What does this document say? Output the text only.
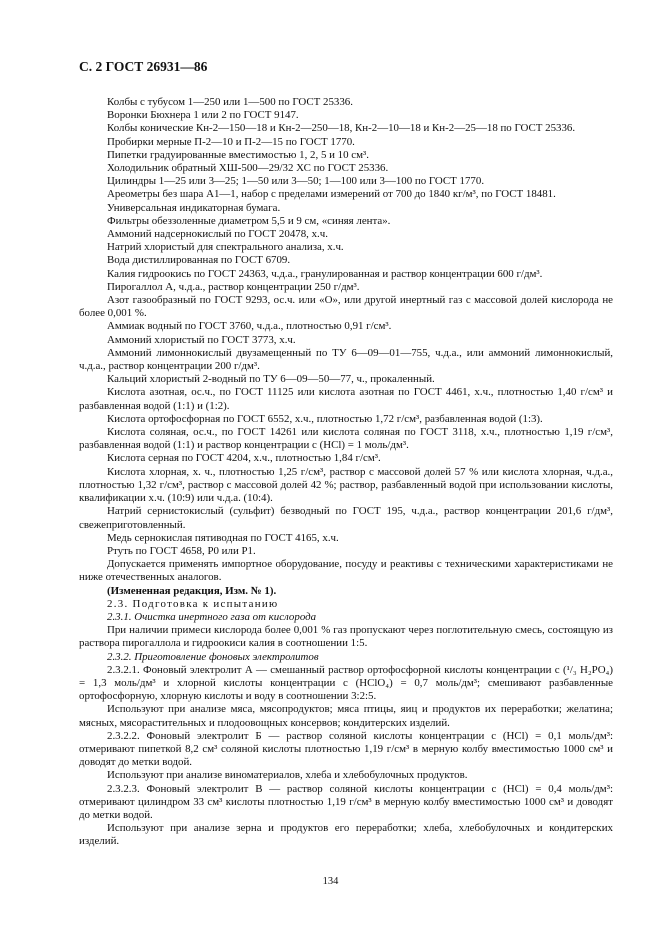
С. 2 ГОСТ 26931—86

Колбы с тубусом 1—250 или 1—500 по ГОСТ 25336.

Воронки Бюхнера 1 или 2 по ГОСТ 9147.

Колбы конические Кн-2—150—18 и Кн-2—250—18, Кн-2—10—18 и Кн-2—25—18 по ГОСТ 25336.

Пробирки мерные П-2—10 и П-2—15 по ГОСТ 1770.

Пипетки градуированные вместимостью 1, 2, 5 и 10 см³.

Холодильник обратный ХШ-500—29/32 ХС по ГОСТ 25336.

Цилиндры 1—25 или 3—25; 1—50 или 3—50; 1—100 или 3—100 по ГОСТ 1770.

Ареометры без шара А1—1, набор с пределами измерений от 700 до 1840 кг/м³, по ГОСТ 18481.

Универсальная индикаторная бумага.

Фильтры обеззоленные диаметром 5,5 и 9 см, «синяя лента».

Аммоний надсернокислый по ГОСТ 20478, х.ч.

Натрий хлористый для спектрального анализа, х.ч.

Вода дистиллированная по ГОСТ 6709.

Калия гидроокись по ГОСТ 24363, ч.д.а., гранулированная и раствор концентрации 600 г/дм³.

Пирогаллол А, ч.д.а., раствор концентрации 250 г/дм³.

Азот газообразный по ГОСТ 9293, ос.ч. или «О», или другой инертный газ с массовой долей кислорода не более 0,001 %.

Аммиак водный по ГОСТ 3760, ч.д.а., плотностью 0,91 г/см³.

Аммоний хлористый по ГОСТ 3773, х.ч.

Аммоний лимоннокислый двузамещенный по ТУ 6—09—01—755, ч.д.а., или аммоний лимоннокислый, ч.д.а., раствор концентрации 200 г/дм³.

Кальций хлористый 2-водный по ТУ 6—09—50—77, ч., прокаленный.

Кислота азотная, ос.ч., по ГОСТ 11125 или кислота азотная по ГОСТ 4461, х.ч., плотностью 1,40 г/см³ и разбавленная водой (1:1) и (1:2).

Кислота ортофосфорная по ГОСТ 6552, х.ч., плотностью 1,72 г/см³, разбавленная водой (1:3).

Кислота соляная, ос.ч., по ГОСТ 14261 или кислота соляная по ГОСТ 3118, х.ч., плотностью 1,19 г/см³, разбавленная водой (1:1) и раствор концентрации c (HCl) = 1 моль/дм³.

Кислота серная по ГОСТ 4204, х.ч., плотностью 1,84 г/см³.

Кислота хлорная, х. ч., плотностью 1,25 г/см³, раствор с массовой долей 57 % или кислота хлорная, ч.д.а., плотностью 1,32 г/см³, раствор с массовой долей 42 %; раствор, разбавленный водой при использовании кислоты, квалификации х.ч. (10:9) или ч.д.а. (10:4).

Натрий сернистокислый (сульфит) безводный по ГОСТ 195, ч.д.а., раствор концентрации 201,6 г/дм³, свежеприготовленный.

Медь сернокислая пятиводная по ГОСТ 4165, х.ч.

Ртуть по ГОСТ 4658, Р0 или Р1.

Допускается применять импортное оборудование, посуду и реактивы с техническими характеристиками не ниже отечественных аналогов.

(Измененная редакция, Изм. № 1).

2.3. Подготовка к испытанию

2.3.1. Очистка инертного газа от кислорода

При наличии примеси кислорода более 0,001 % газ пропускают через поглотительную смесь, состоящую из раствора пирогаллола и гидроокиси калия в соотношении 1:5.

2.3.2. Приготовление фоновых электролитов

2.3.2.1. Фоновый электролит А — смешанный раствор ортофосфорной кислоты концентрации c (¹/₃ H₂PO₄) = 1,3 моль/дм³ и хлорной кислоты концентрации c (HClO₄) = 0,7 моль/дм³; смешивают разбавленные ортофосфорную, хлорную кислоты и воду в соотношении 3:2:5.

Используют при анализе мяса, мясопродуктов; мяса птицы, яиц и продуктов их переработки; желатина; мясных, мясорастительных и плодоовощных консервов; кондитерских изделий.

2.3.2.2. Фоновый электролит Б — раствор соляной кислоты концентрации c (HCl) = 0,1 моль/дм³: отмеривают пипеткой 8,2 см³ соляной кислоты плотностью 1,19 г/см³ в мерную колбу вместимостью 1000 см³ и доводят до метки водой.

Используют при анализе виноматериалов, хлеба и хлебобулочных продуктов.

2.3.2.3. Фоновый электролит В — раствор соляной кислоты концентрации c (HCl) = 0,4 моль/дм³: отмеривают цилиндром 33 см³ кислоты плотностью 1,19 г/см³ в мерную колбу вместимостью 1000 см³ и доводят до метки водой.

Используют при анализе зерна и продуктов его переработки; хлеба, хлебобулочных и кондитерских изделий.

134
